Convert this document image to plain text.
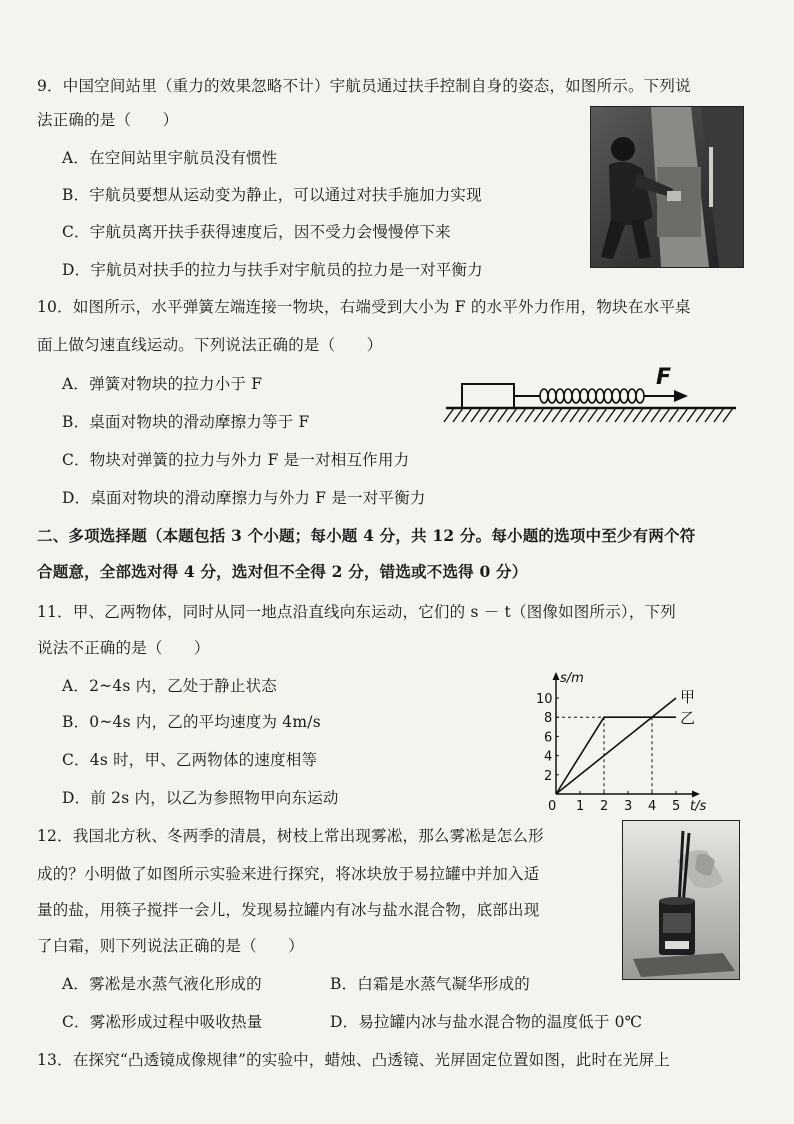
9．中国空间站里（重力的效果忽略不计）宇航员通过扶手控制自身的姿态，如图所示。下列说
法正确的是（　　）
A．在空间站里宇航员没有惯性
B．宇航员要想从运动变为静止，可以通过对扶手施加力实现
C．宇航员离开扶手获得速度后，因不受力会慢慢停下来
D．宇航员对扶手的拉力与扶手对宇航员的拉力是一对平衡力
10．如图所示，水平弹簧左端连接一物块，右端受到大小为 F 的水平外力作用，物块在水平桌
面上做匀速直线运动。下列说法正确的是（　　）
A．弹簧对物块的拉力小于 F
B．桌面对物块的滑动摩擦力等于 F
C．物块对弹簧的拉力与外力 F 是一对相互作用力
D．桌面对物块的滑动摩擦力与外力 F 是一对平衡力
F
二、多项选择题（本题包括 3 个小题；每小题 4 分，共 12 分。每小题的选项中至少有两个符
合题意，全部选对得 4 分，选对但不全得 2 分，错选或不选得 0 分）
11．甲、乙两物体，同时从同一地点沿直线向东运动，它们的 s － t（图像如图所示），下列
说法不正确的是（　　）
A．2~4s 内，乙处于静止状态
B．0~4s 内，乙的平均速度为 4m/s
C．4s 时，甲、乙两物体的速度相等
D．前 2s 内，以乙为参照物甲向东运动	0 1 2 3 4 5
2
4
6
8
10
s/m
t/s
甲
乙
12．我国北方秋、冬两季的清晨，树枝上常出现雾凇，那么雾凇是怎么形
成的？小明做了如图所示实验来进行探究，将冰块放于易拉罐中并加入适
量的盐，用筷子搅拌一会儿，发现易拉罐内有冰与盐水混合物，底部出现
了白霜，则下列说法正确的是（　　）
A．雾凇是水蒸气液化形成的	B．白霜是水蒸气凝华形成的
C．雾凇形成过程中吸收热量	D．易拉罐内冰与盐水混合物的温度低于 0℃
13．在探究“凸透镜成像规律”的实验中，蜡烛、凸透镜、光屏固定位置如图，此时在光屏上
